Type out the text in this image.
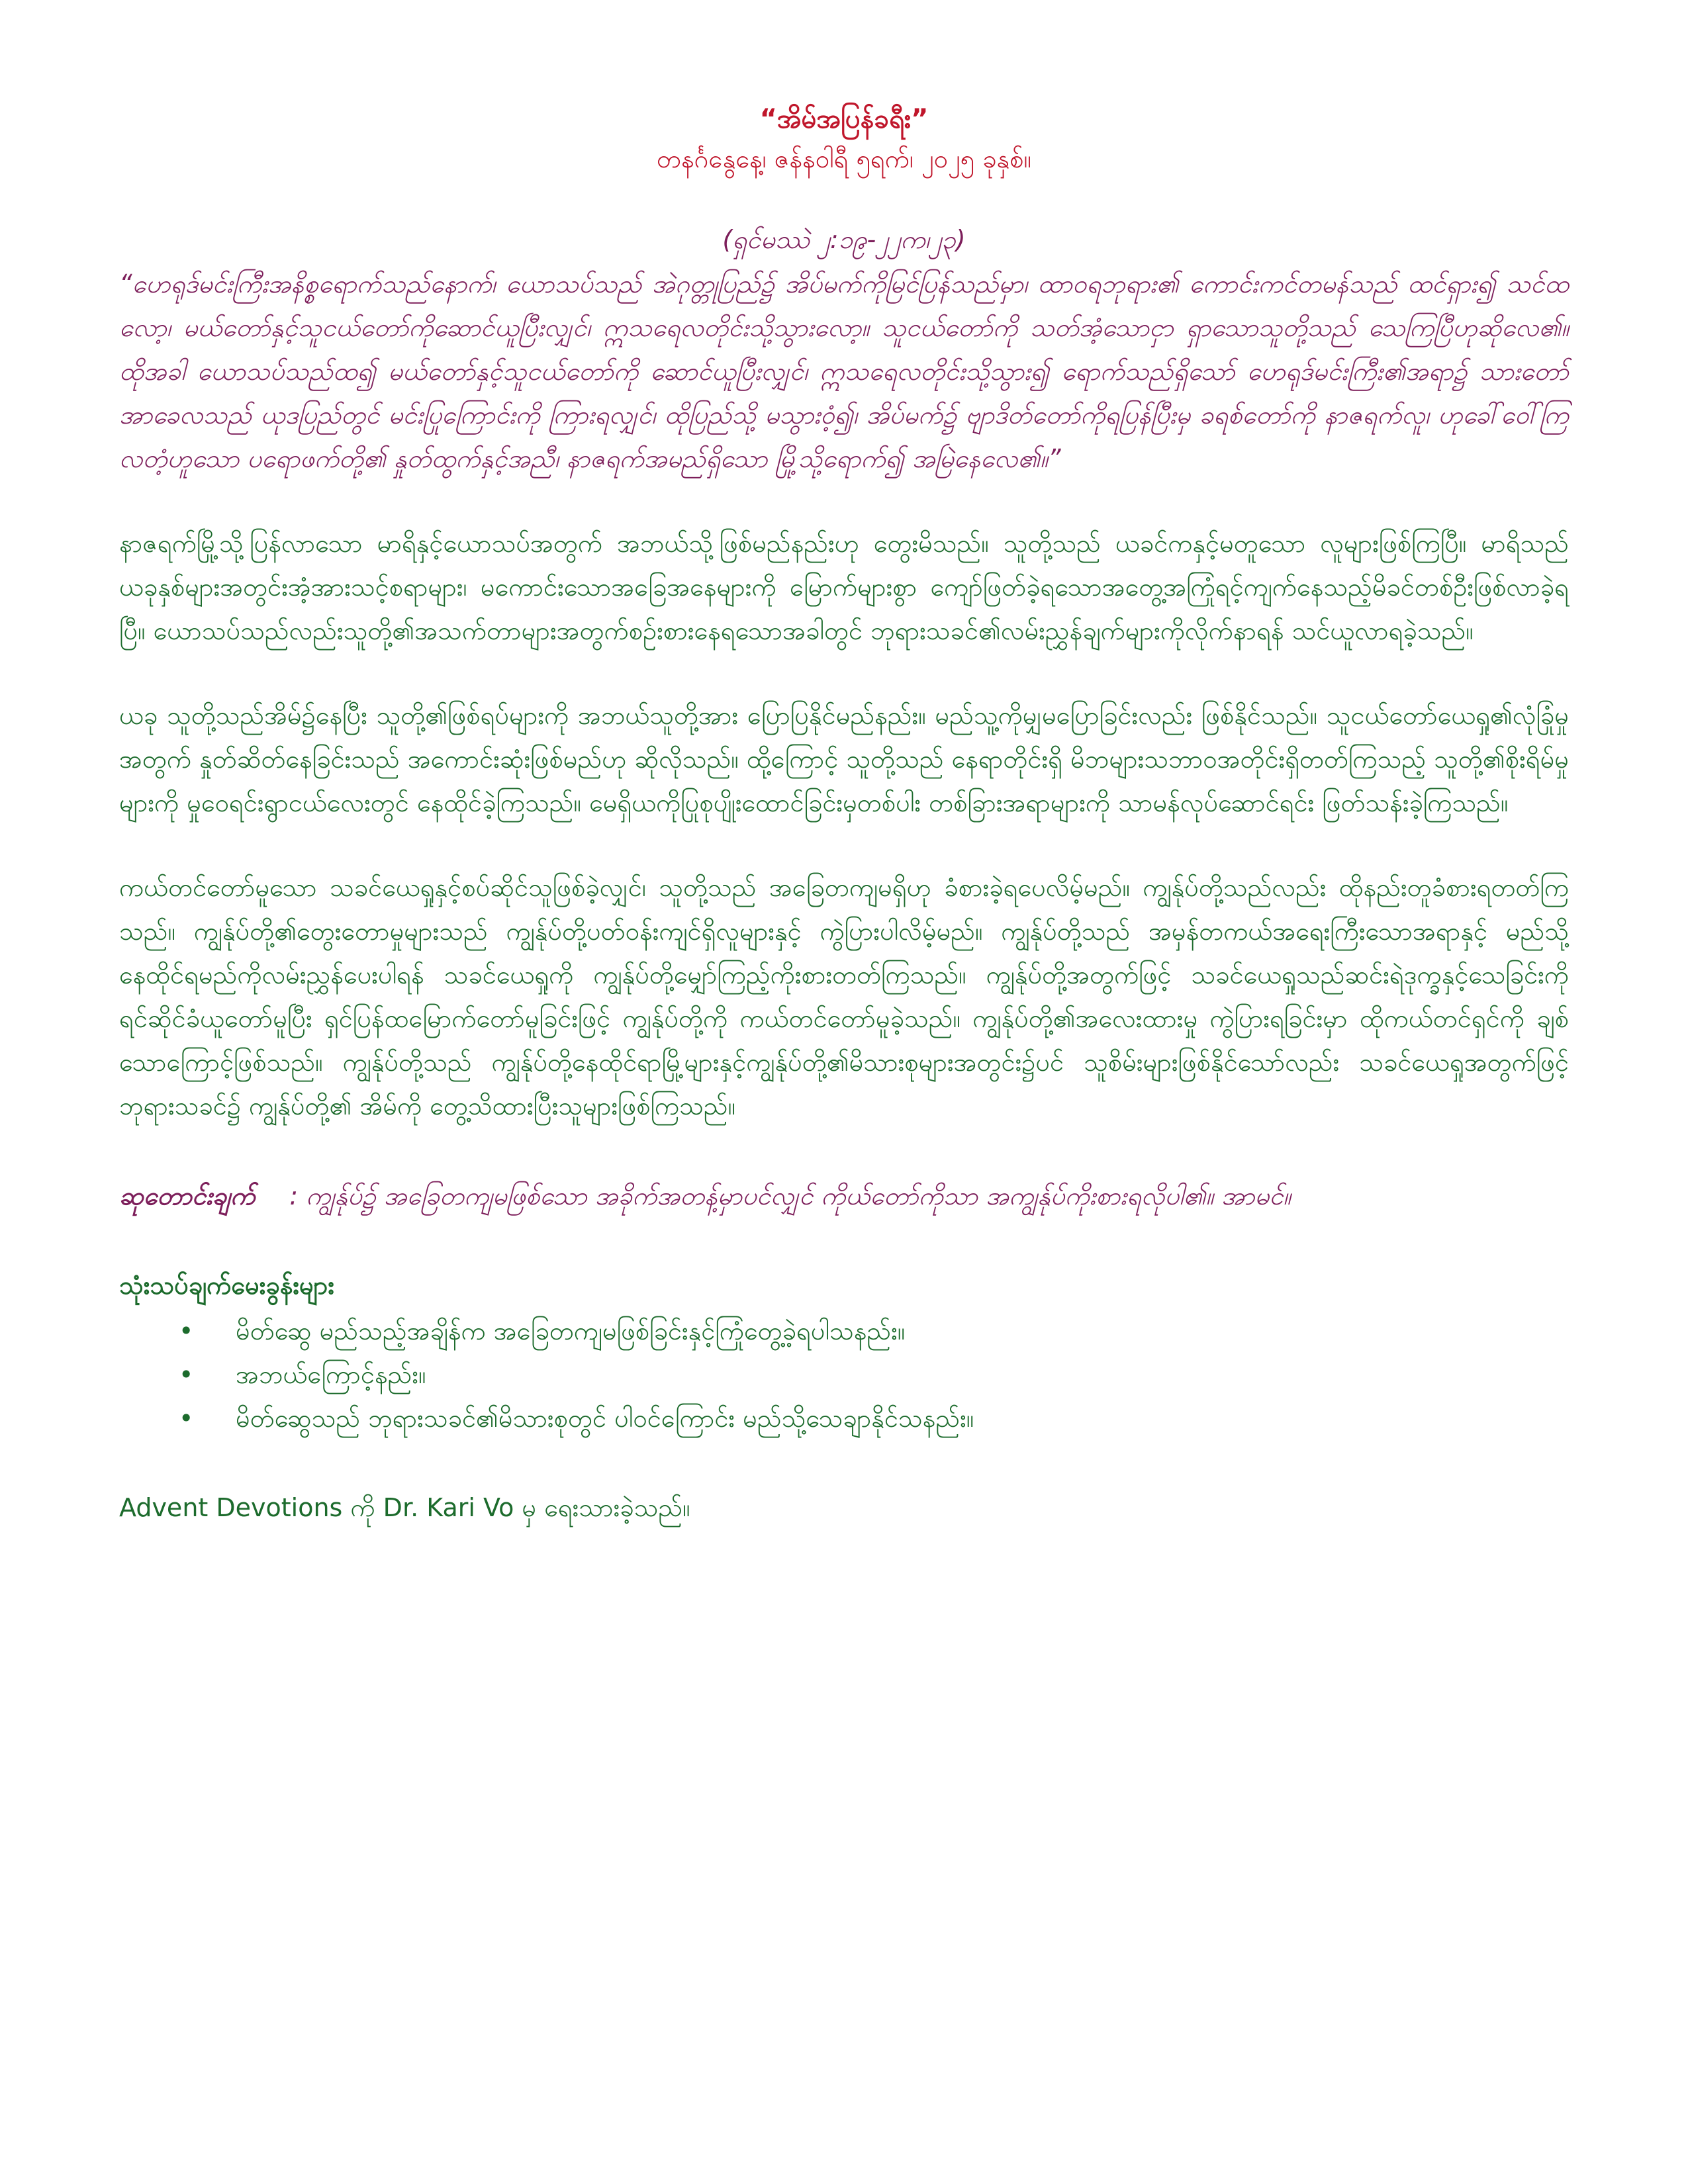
“အိမ်အပြန်ခရီး”
တနင်္ဂနွေနေ့၊ ဇန်နဝါရီ ၅ရက်၊ ၂၀၂၅ ခုနှစ်။
(ရှင်မဿဲ ၂:၁၉-၂၂က၊၂၃)

“ဟေရုဒ်မင်းကြီးအနိစ္စရောက်သည်နောက်၊ ယောသပ်သည် အဲဂုတ္တုပြည်၌ အိပ်မက်ကိုမြင်ပြန်သည်မှာ၊ ထာဝရဘုရား၏ ကောင်းကင်တမန်သည် ထင်ရှား၍ သင်ထလော့၊ မယ်တော်နှင့်သူငယ်တော်ကိုဆောင်ယူပြီးလျှင်၊ ဣသရေလတိုင်းသို့သွားလော့။ သူငယ်တော်ကို သတ်အံ့သောငှာ ရှာသောသူတို့သည် သေကြပြီဟုဆိုလေ၏။ ထိုအခါ ယောသပ်သည်ထ၍ မယ်တော်နှင့်သူငယ်တော်ကို ဆောင်ယူပြီးလျှင်၊ ဣသရေလတိုင်းသို့သွား၍ ရောက်သည်ရှိသော် ဟေရုဒ်မင်းကြီး၏အရာ၌ သားတော်အာခေလသည် ယုဒပြည်တွင် မင်းပြုကြောင်းကို ကြားရလျှင်၊ ထိုပြည်သို့ မသွားဝံ့၍၊ အိပ်မက်၌ ဗျာဒိတ်တော်ကိုရပြန်ပြီးမှ ခရစ်တော်ကို နာဇရက်လူ၊ ဟုခေါ်ဝေါ်ကြလတံ့ဟူသော ပရောဖက်တို့၏ နှုတ်ထွက်နှင့်အညီ၊ နာဇရက်အမည်ရှိသော မြို့သို့ရောက်၍ အမြဲနေလေ၏။”

နာဇရက်မြို့သို့ပြန်လာသော မာရိနှင့်ယောသပ်အတွက် အဘယ်သို့ဖြစ်မည်နည်းဟု တွေးမိသည်။ သူတို့သည် ယခင်ကနှင့်မတူသော လူများဖြစ်ကြပြီ။ မာရိသည် ယခုနှစ်များအတွင်းအံ့အားသင့်စရာများ၊ မကောင်းသောအခြေအနေများကို မြောက်များစွာ ကျော်ဖြတ်ခဲ့ရသောအတွေ့အကြုံရင့်ကျက်နေသည့်မိခင်တစ်ဦးဖြစ်လာခဲ့ရပြီ။ ယောသပ်သည်လည်းသူတို့၏အသက်တာများအတွက်စဉ်းစားနေရသောအခါတွင် ဘုရားသခင်၏လမ်းညွှန်ချက်များကိုလိုက်နာရန် သင်ယူလာရခဲ့သည်။

ယခု သူတို့သည်အိမ်၌နေပြီး သူတို့၏ဖြစ်ရပ်များကို အဘယ်သူတို့အား ပြောပြနိုင်မည်နည်း။ မည်သူ့ကိုမျှမပြောခြင်းလည်း ဖြစ်နိုင်သည်။ သူငယ်တော်ယေရှု၏လုံခြုံမှုအတွက် နှုတ်ဆိတ်နေခြင်းသည် အကောင်းဆုံးဖြစ်မည်ဟု ဆိုလိုသည်။ ထို့ကြောင့် သူတို့သည် နေရာတိုင်းရှိ မိဘများသဘာဝအတိုင်းရှိတတ်ကြသည့် သူတို့၏စိုးရိမ်မှုများကို မှုဝေရင်းရွာငယ်လေးတွင် နေထိုင်ခဲ့ကြသည်။ မေရှိယကိုပြုစုပျိုးထောင်ခြင်းမှတစ်ပါး တစ်ခြားအရာများကို သာမန်လုပ်ဆောင်ရင်း ဖြတ်သန်းခဲ့ကြသည်။

ကယ်တင်တော်မူသော သခင်ယေရှုနှင့်စပ်ဆိုင်သူဖြစ်ခဲ့လျှင်၊ သူတို့သည် အခြေတကျမရှိဟု ခံစားခဲ့ရပေလိမ့်မည်။ ကျွန်ုပ်တို့သည်လည်း ထိုနည်းတူခံစားရတတ်ကြသည်။ ကျွန်ုပ်တို့၏တွေးတောမှုများသည် ကျွန်ုပ်တို့ပတ်ဝန်းကျင်ရှိလူများနှင့် ကွဲပြားပါလိမ့်မည်။ ကျွန်ုပ်တို့သည် အမှန်တကယ်အရေးကြီးသောအရာနှင့် မည်သို့နေထိုင်ရမည်ကိုလမ်းညွှန်ပေးပါရန် သခင်ယေရှုကို ကျွန်ုပ်တို့မျှော်ကြည့်ကိုးစားတတ်ကြသည်။ ကျွန်ုပ်တို့အတွက်ဖြင့် သခင်ယေရှုသည်ဆင်းရဲဒုက္ခနှင့်သေခြင်းကို ရင်ဆိုင်ခံယူတော်မူပြီး ရှင်ပြန်ထမြောက်တော်မူခြင်းဖြင့် ကျွန်ုပ်တို့ကို ကယ်တင်တော်မူခဲ့သည်။ ကျွန်ုပ်တို့၏အလေးထားမှု ကွဲပြားရခြင်းမှာ ထိုကယ်တင်ရှင်ကို ချစ်သောကြောင့်ဖြစ်သည်။ ကျွန်ုပ်တို့သည် ကျွန်ုပ်တို့နေထိုင်ရာမြို့များနှင့်ကျွန်ုပ်တို့၏မိသားစုများအတွင်း၌ပင် သူစိမ်းများဖြစ်နိုင်သော်လည်း သခင်ယေရှုအတွက်ဖြင့် ဘုရားသခင်၌ ကျွန်ုပ်တို့၏ အိမ်ကို တွေ့သိထားပြီးသူများဖြစ်ကြသည်။

ဆုတောင်းချက် : ကျွန်ုပ်၌ အခြေတကျမဖြစ်သော အခိုက်အတန့်မှာပင်လျှင် ကိုယ်တော်ကိုသာ အကျွန်ုပ်ကိုးစားရလိုပါ၏။ အာမင်။

သုံးသပ်ချက်မေးခွန်းများ
• မိတ်ဆွေ မည်သည့်အချိန်က အခြေတကျမဖြစ်ခြင်းနှင့်ကြုံတွေ့ခဲ့ရပါသနည်း။
• အဘယ်ကြောင့်နည်း။
• မိတ်ဆွေသည် ဘုရားသခင်၏မိသားစုတွင် ပါဝင်ကြောင်း မည်သို့သေချာနိုင်သနည်း။
Advent Devotions ကို Dr. Kari Vo မှ ရေးသားခဲ့သည်။
